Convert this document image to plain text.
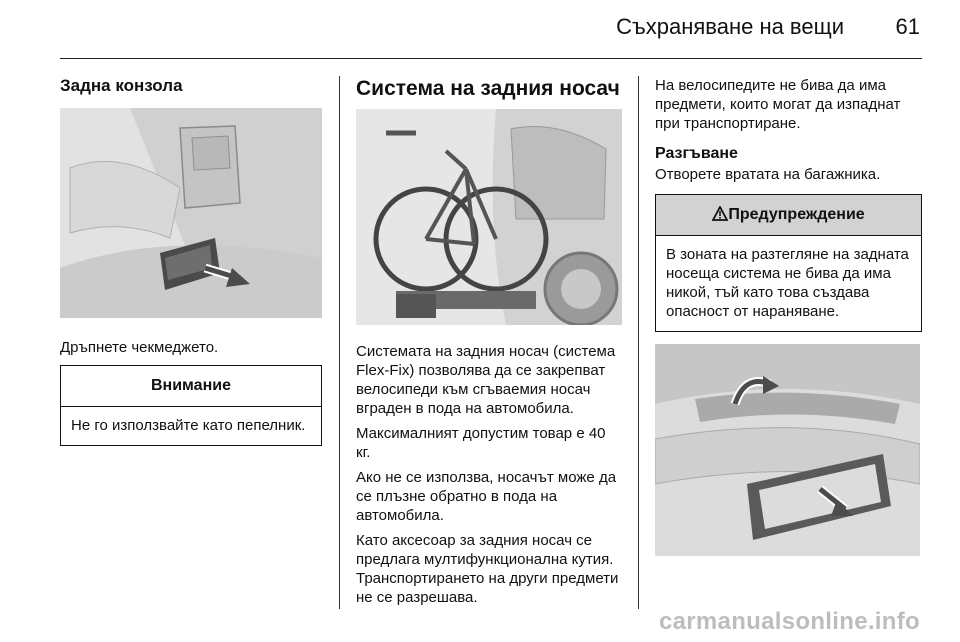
Съхраняване на вещи 61
Задна конзола

Дръпнете чекмеджето.

Внимание
Не го използвайте като пепелник.
Система на задния носач

Системата на задния носач (система Flex-Fix) позволява да се закрепват велосипеди към сгъваемия носач вграден в пода на автомобила.

Максималният допустим товар е 40 кг.

Ако не се използва, носачът може да се плъзне обратно в пода на автомобила.

Като аксесоар за задния носач се предлага мултифункционална кутия. Транспортирането на други предмети не се разрешава.

На велосипедите не бива да има предмети, които могат да изпаднат при транспортиране.

Разгъване

Отворете вратата на багажника.

Предупреждение
В зоната на разтегляне на задната носеща система не бива да има никой, тъй като това създава опасност от нараняване.
carmanualsonline.info
